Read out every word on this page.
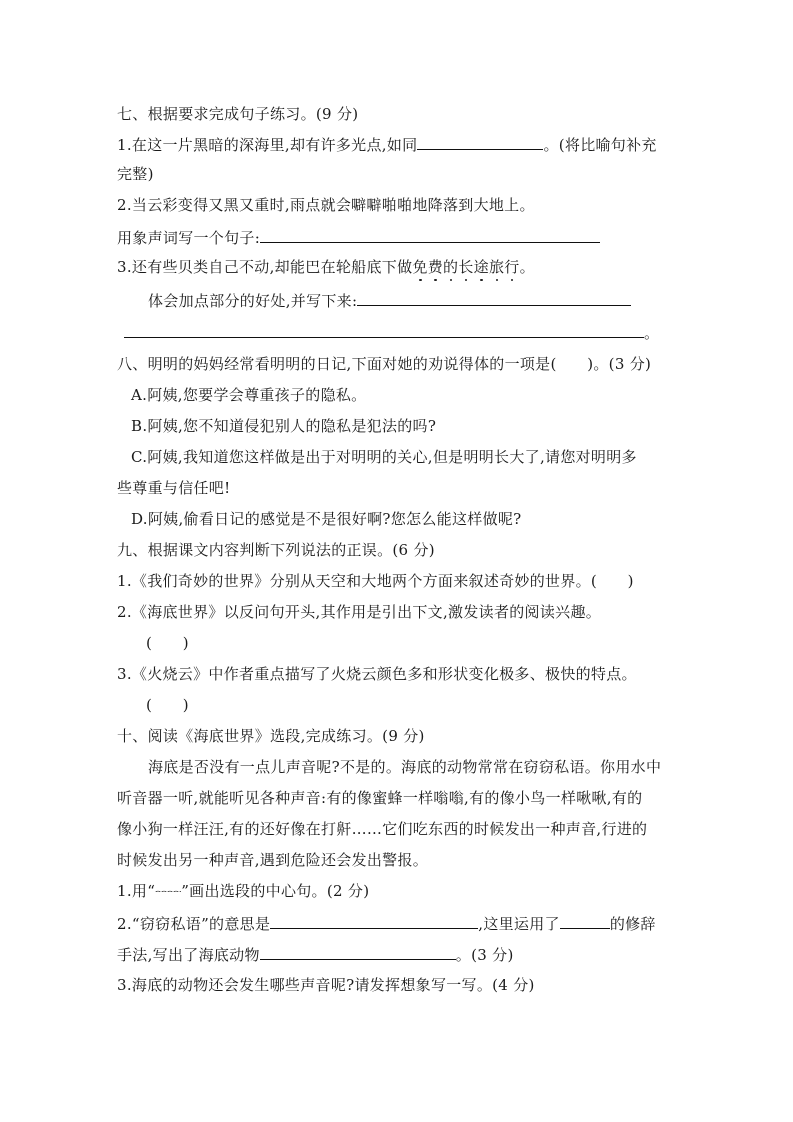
七、根据要求完成句子练习。(9 分)
1.在这一片黑暗的深海里,却有许多光点,如同	。(将比喻句补充
完整)
2.当云彩变得又黑又重时,雨点就会噼噼啪啪地降落到大地上。
用象声词写一个句子:
3.还有些贝类自己不动,却能巴在轮船底下做免费的长途旅行。
体会加点部分的好处,并写下来:
。
八、明明的妈妈经常看明明的日记,下面对她的劝说得体的一项是(　　)。(3 分)
A.阿姨,您要学会尊重孩子的隐私。
B.阿姨,您不知道侵犯别人的隐私是犯法的吗?
C.阿姨,我知道您这样做是出于对明明的关心,但是明明长大了,请您对明明多
些尊重与信任吧!
D.阿姨,偷看日记的感觉是不是很好啊?您怎么能这样做呢?
九、根据课文内容判断下列说法的正误。(6 分)
1.《我们奇妙的世界》分别从天空和大地两个方面来叙述奇妙的世界。(　　)
2.《海底世界》以反问句开头,其作用是引出下文,激发读者的阅读兴趣。
(　　)
3.《火烧云》中作者重点描写了火烧云颜色多和形状变化极多、极快的特点。
(　　)
十、阅读《海底世界》选段,完成练习。(9 分)
海底是否没有一点儿声音呢?不是的。海底的动物常常在窃窃私语。你用水中
听音器一听,就能听见各种声音:有的像蜜蜂一样嗡嗡,有的像小鸟一样啾啾,有的
像小狗一样汪汪,有的还好像在打鼾……它们吃东西的时候发出一种声音,行进的
时候发出另一种声音,遇到危险还会发出警报。
1.用“ ”画出选段的中心句。(2 分)
2.“窃窃私语”的意思是	,这里运用了	的修辞
手法,写出了海底动物	。(3 分)
3.海底的动物还会发生哪些声音呢?请发挥想象写一写。(4 分)
